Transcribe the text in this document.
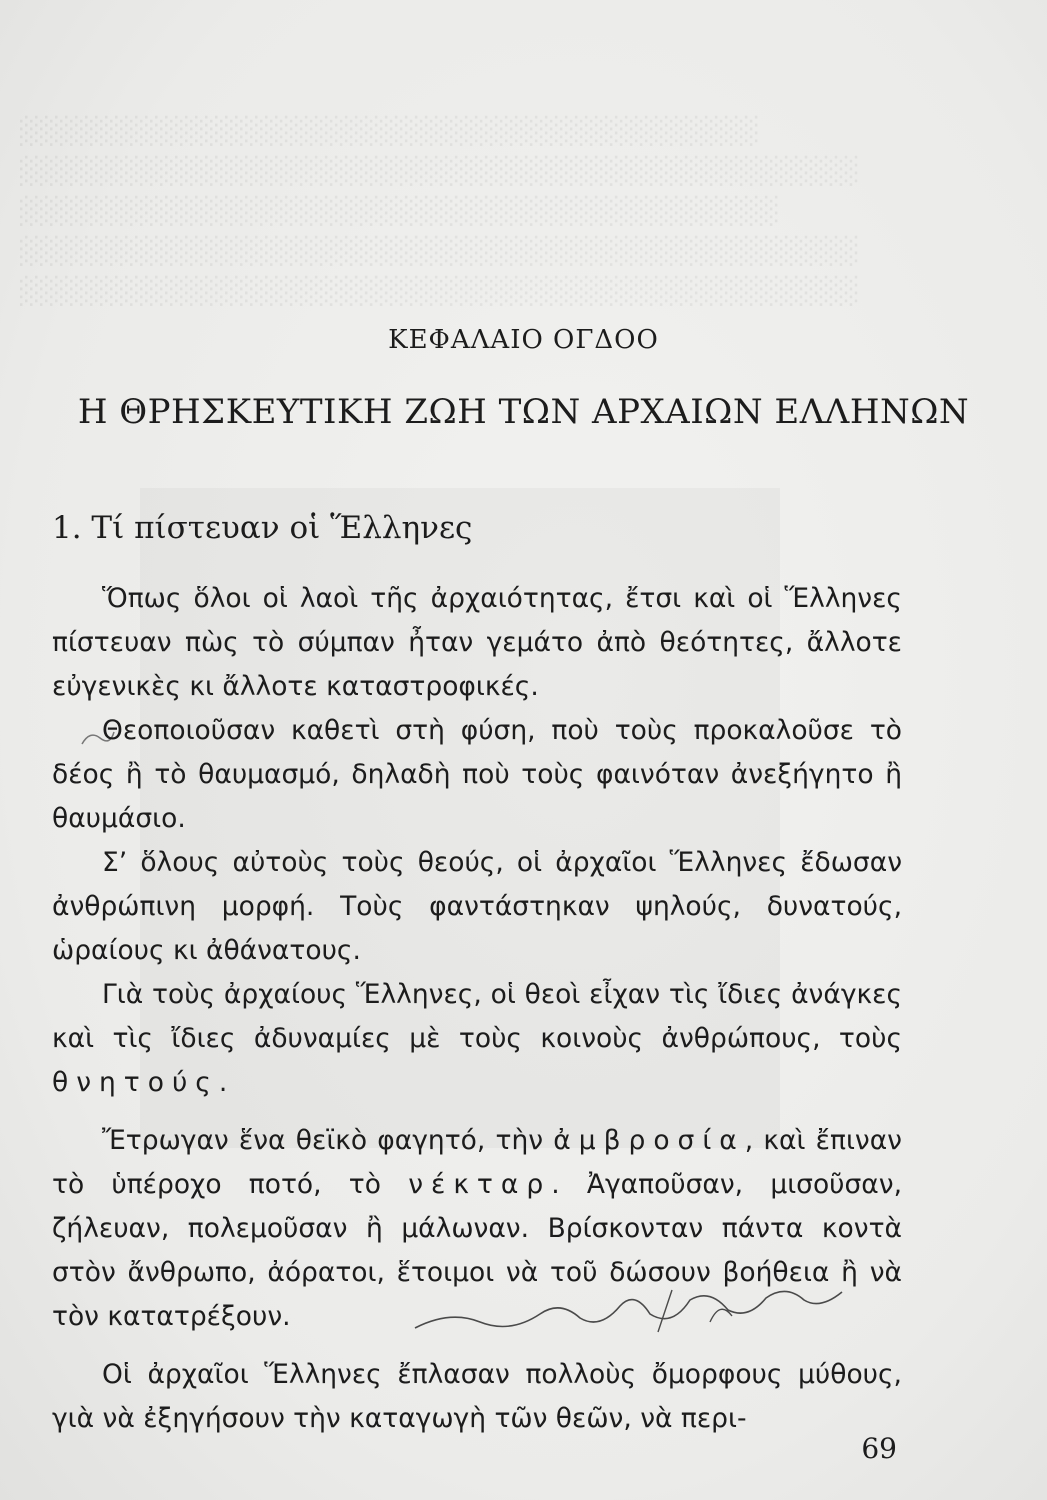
░░░░░░░░░░░░░░░░░░░░░░░░░░░░░░░░░░░░░░░░░░
░░░░░░░░░░░░░░░░░░░░░░░░░░░░░░░░░░░░░░░░░░
░░░░░░░░░░░░░░░░░░░░░░░░░░░░░░░░░░░░░░
░░░░░░░░░░░░░░░░░░░░░░░░░░░░░░░░░░░░░░░░░░
░░░░░░░░░░░░░░░░░░░░░░░░░░░░░░░░░░░░░
ΚΕΦΑΛΑΙΟ ΟΓΔΟΟ
Η ΘΡΗΣΚΕΥΤΙΚΗ ΖΩΗ ΤΩΝ ΑΡΧΑΙΩΝ ΕΛΛΗΝΩΝ
1. Τί πίστευαν οἱ Ἕλληνες

Ὅπως ὅλοι οἱ λαοὶ τῆς ἀρχαιότητας, ἔτσι καὶ οἱ Ἕλληνες πίστευαν πὼς τὸ σύμπαν ἦταν γεμάτο ἀπὸ θεότητες, ἄλλοτε εὐγενικὲς κι ἄλλοτε καταστροφικές.

Θεοποιοῦσαν καθετὶ στὴ φύση, ποὺ τοὺς προκαλοῦσε τὸ δέος ἢ τὸ θαυμασμό, δηλαδὴ ποὺ τοὺς φαινόταν ἀνεξήγητο ἢ θαυμάσιο.

Σ’ ὅλους αὐτοὺς τοὺς θεούς, οἱ ἀρχαῖοι Ἕλληνες ἔδωσαν ἀνθρώπινη μορφή. Τοὺς φαντάστηκαν ψηλούς, δυνατούς, ὡραίους κι ἀθάνατους.

Γιὰ τοὺς ἀρχαίους Ἕλληνες, οἱ θεοὶ εἶχαν τὶς ἴδιες ἀνάγκες καὶ τὶς ἴδιες ἀδυναμίες μὲ τοὺς κοινοὺς ἀνθρώπους, τοὺς θνητούς.

Ἔτρωγαν ἕνα θεϊκὸ φαγητό, τὴν ἀμβροσία, καὶ ἔπιναν τὸ ὑπέροχο ποτό, τὸ νέκταρ. Ἀγαποῦσαν, μισοῦσαν, ζήλευαν, πολεμοῦσαν ἢ μάλωναν. Βρίσκονταν πάντα κοντὰ στὸν ἄνθρωπο, ἀόρατοι, ἕτοιμοι νὰ τοῦ δώσουν βοήθεια ἢ νὰ τὸν κατατρέξουν.

Οἱ ἀρχαῖοι Ἕλληνες ἔπλασαν πολλοὺς ὄμορφους μύθους, γιὰ νὰ ἐξηγήσουν τὴν καταγωγὴ τῶν θεῶν, νὰ περι-

69
